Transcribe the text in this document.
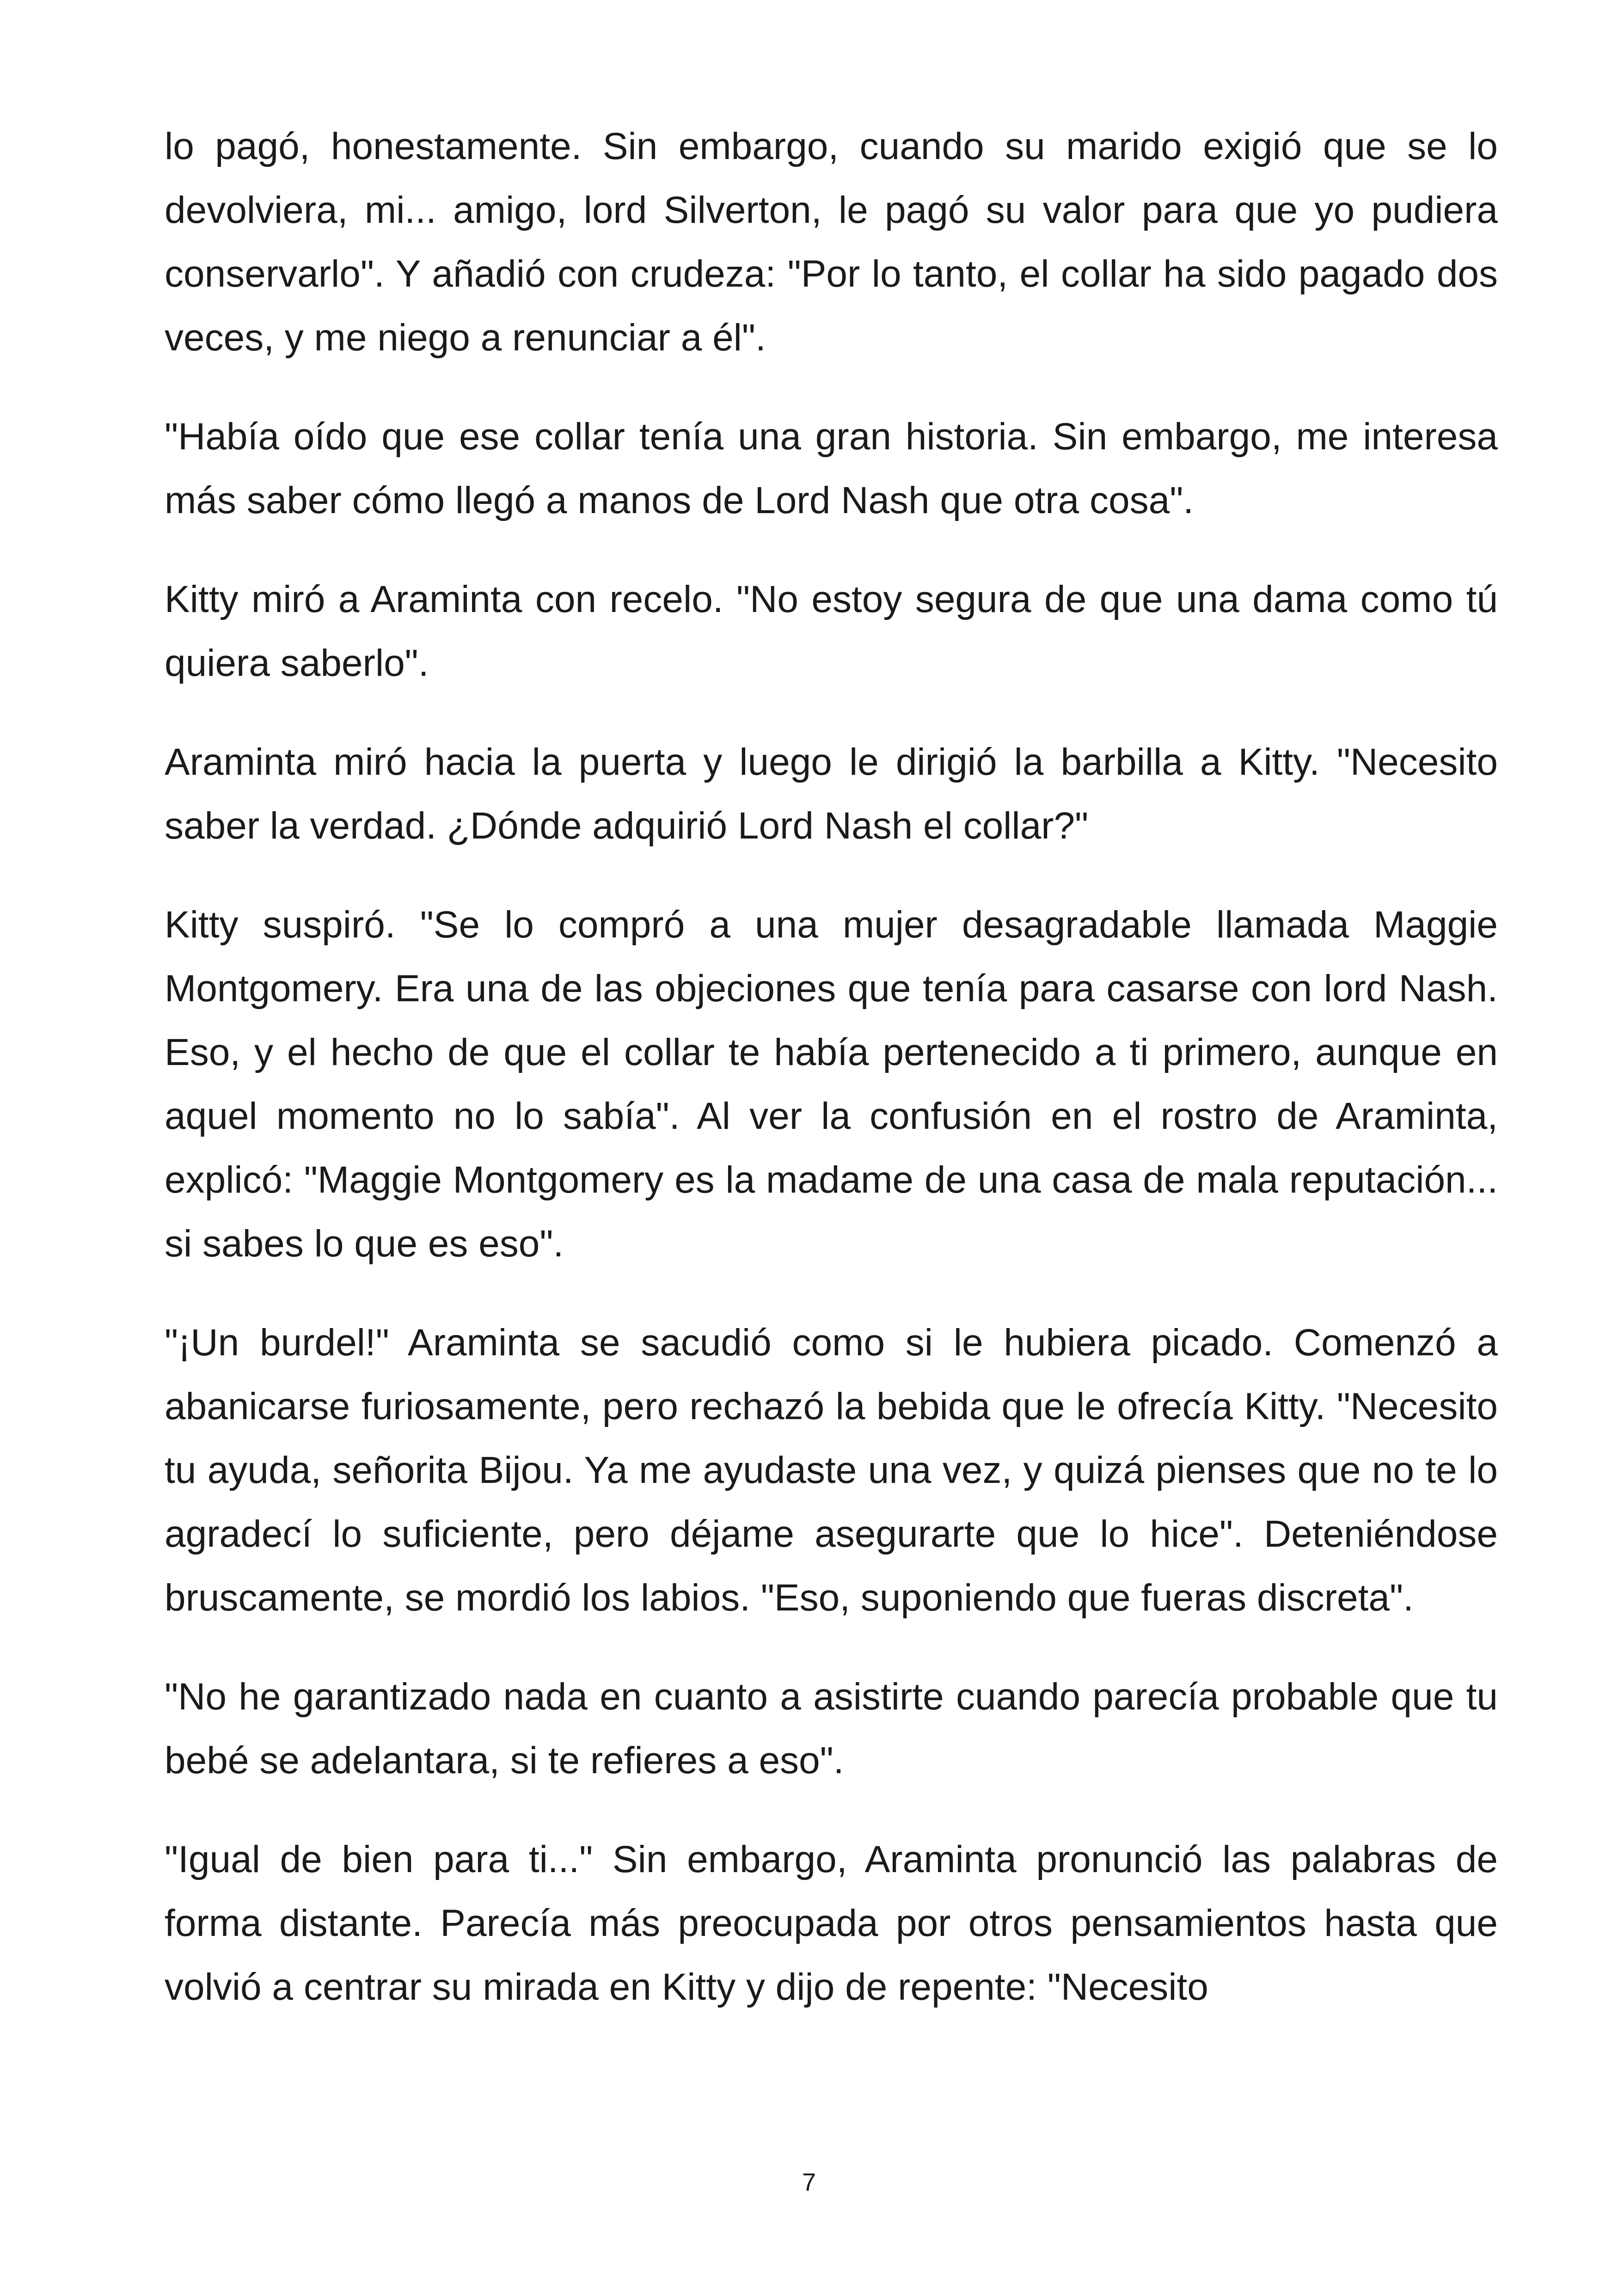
lo pagó, honestamente. Sin embargo, cuando su marido exigió que se lo devolviera, mi... amigo, lord Silverton, le pagó su valor para que yo pudiera conservarlo". Y añadió con crudeza: "Por lo tanto, el collar ha sido pagado dos veces, y me niego a renunciar a él".

"Había oído que ese collar tenía una gran historia. Sin embargo, me interesa más saber cómo llegó a manos de Lord Nash que otra cosa".

Kitty miró a Araminta con recelo. "No estoy segura de que una dama como tú quiera saberlo".

Araminta miró hacia la puerta y luego le dirigió la barbilla a Kitty. "Necesito saber la verdad. ¿Dónde adquirió Lord Nash el collar?"

Kitty suspiró. "Se lo compró a una mujer desagradable llamada Maggie Montgomery. Era una de las objeciones que tenía para casarse con lord Nash. Eso, y el hecho de que el collar te había pertenecido a ti primero, aunque en aquel momento no lo sabía". Al ver la confusión en el rostro de Araminta, explicó: "Maggie Montgomery es la madame de una casa de mala reputación... si sabes lo que es eso".

"¡Un burdel!" Araminta se sacudió como si le hubiera picado. Comenzó a abanicarse furiosamente, pero rechazó la bebida que le ofrecía Kitty. "Necesito tu ayuda, señorita Bijou. Ya me ayudaste una vez, y quizá pienses que no te lo agradecí lo suficiente, pero déjame asegurarte que lo hice". Deteniéndose bruscamente, se mordió los labios. "Eso, suponiendo que fueras discreta".

"No he garantizado nada en cuanto a asistirte cuando parecía probable que tu bebé se adelantara, si te refieres a eso".

"Igual de bien para ti..." Sin embargo, Araminta pronunció las palabras de forma distante. Parecía más preocupada por otros pensamientos hasta que volvió a centrar su mirada en Kitty y dijo de repente: "Necesito

7
